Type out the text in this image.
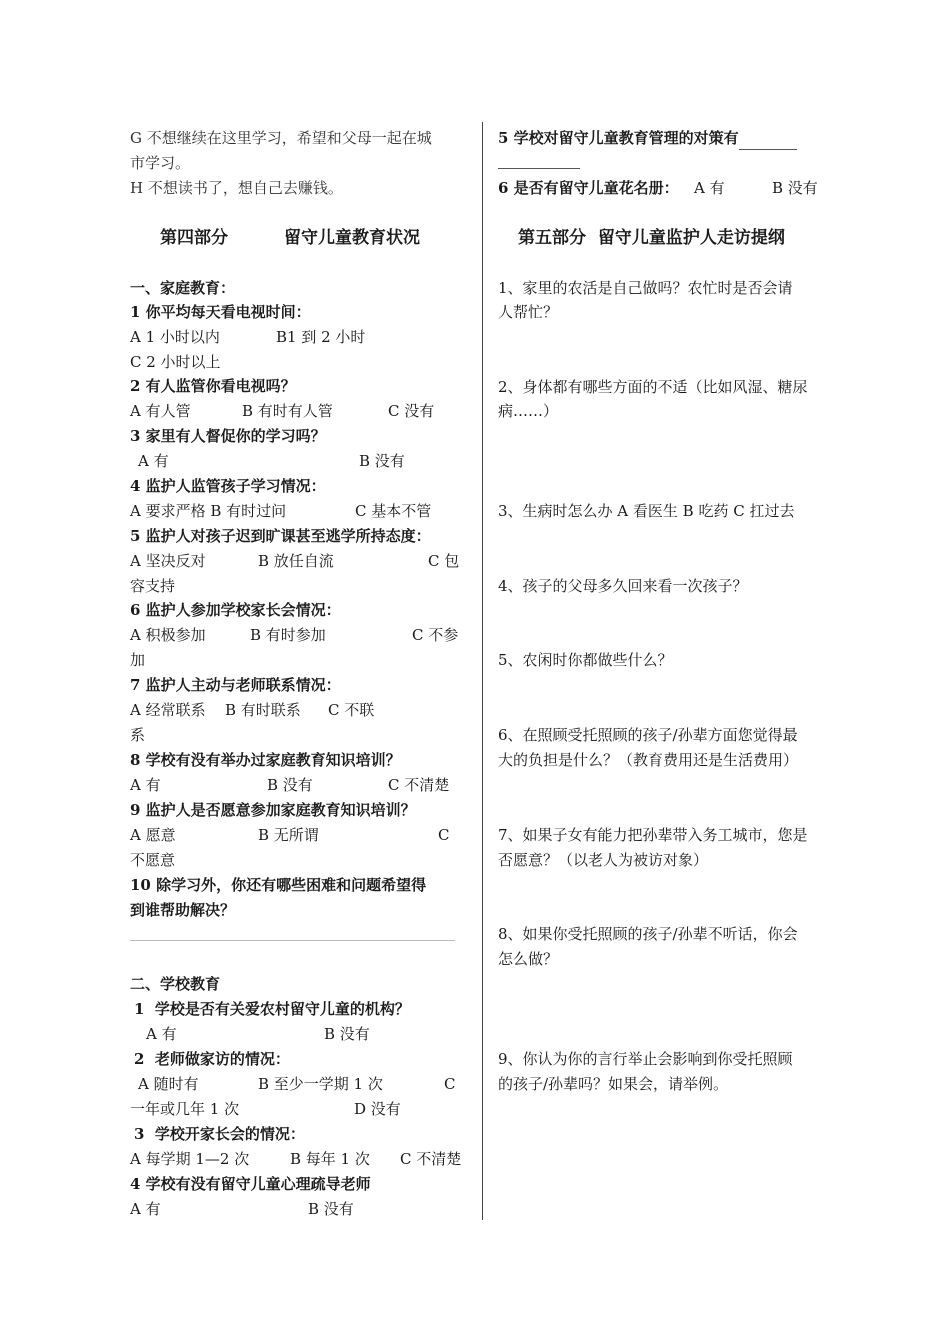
G 不想继续在这里学习，希望和父母一起在城
市学习。
H 不想读书了，想自己去赚钱。
第四部分	留守儿童教育状况
一、家庭教育：
1 你平均每天看电视时间：
A 1 小时以内	B1 到 2 小时
C 2 小时以上
2 有人监管你看电视吗？
A 有人管	B 有时有人管	C 没有
3 家里有人督促你的学习吗？
A 有	B 没有
4 监护人监管孩子学习情况：
A 要求严格 B 有时过问	C 基本不管
5 监护人对孩子迟到旷课甚至逃学所持态度：
A 坚决反对	B 放任自流	C 包
容支持
6 监护人参加学校家长会情况：
A 积极参加	B 有时参加	C 不参
加
7 监护人主动与老师联系情况：
A 经常联系 B 有时联系 C 不联
系
8 学校有没有举办过家庭教育知识培训？
A 有	B 没有	C 不清楚
9 监护人是否愿意参加家庭教育知识培训？
A 愿意	B 无所谓	C
不愿意
10 除学习外，你还有哪些困难和问题希望得
到谁帮助解决？
二、学校教育
1  学校是否有关爱农村留守儿童的机构？
A 有	B 没有
2  老师做家访的情况：
A 随时有	B 至少一学期 1 次	C
一年或几年 1 次	D 没有
3  学校开家长会的情况：
A 每学期 1—2 次	B 每年 1 次 C 不清楚
4 学校有没有留守儿童心理疏导老师
A 有	B 没有
5 学校对留守儿童教育管理的对策有
6 是否有留守儿童花名册： A 有	B 没有
第五部分  留守儿童监护人走访提纲
1、家里的农活是自己做吗？农忙时是否会请
人帮忙？
2、身体都有哪些方面的不适（比如风湿、糖尿
病……）
3、生病时怎么办 A 看医生 B 吃药 C 扛过去
4、孩子的父母多久回来看一次孩子？
5、农闲时你都做些什么？
6、在照顾受托照顾的孩子/孙辈方面您觉得最
大的负担是什么？（教育费用还是生活费用）
7、如果子女有能力把孙辈带入务工城市，您是
否愿意？（以老人为被访对象）
8、如果你受托照顾的孩子/孙辈不听话，你会
怎么做？
9、你认为你的言行举止会影响到你受托照顾
的孩子/孙辈吗？如果会，请举例。
